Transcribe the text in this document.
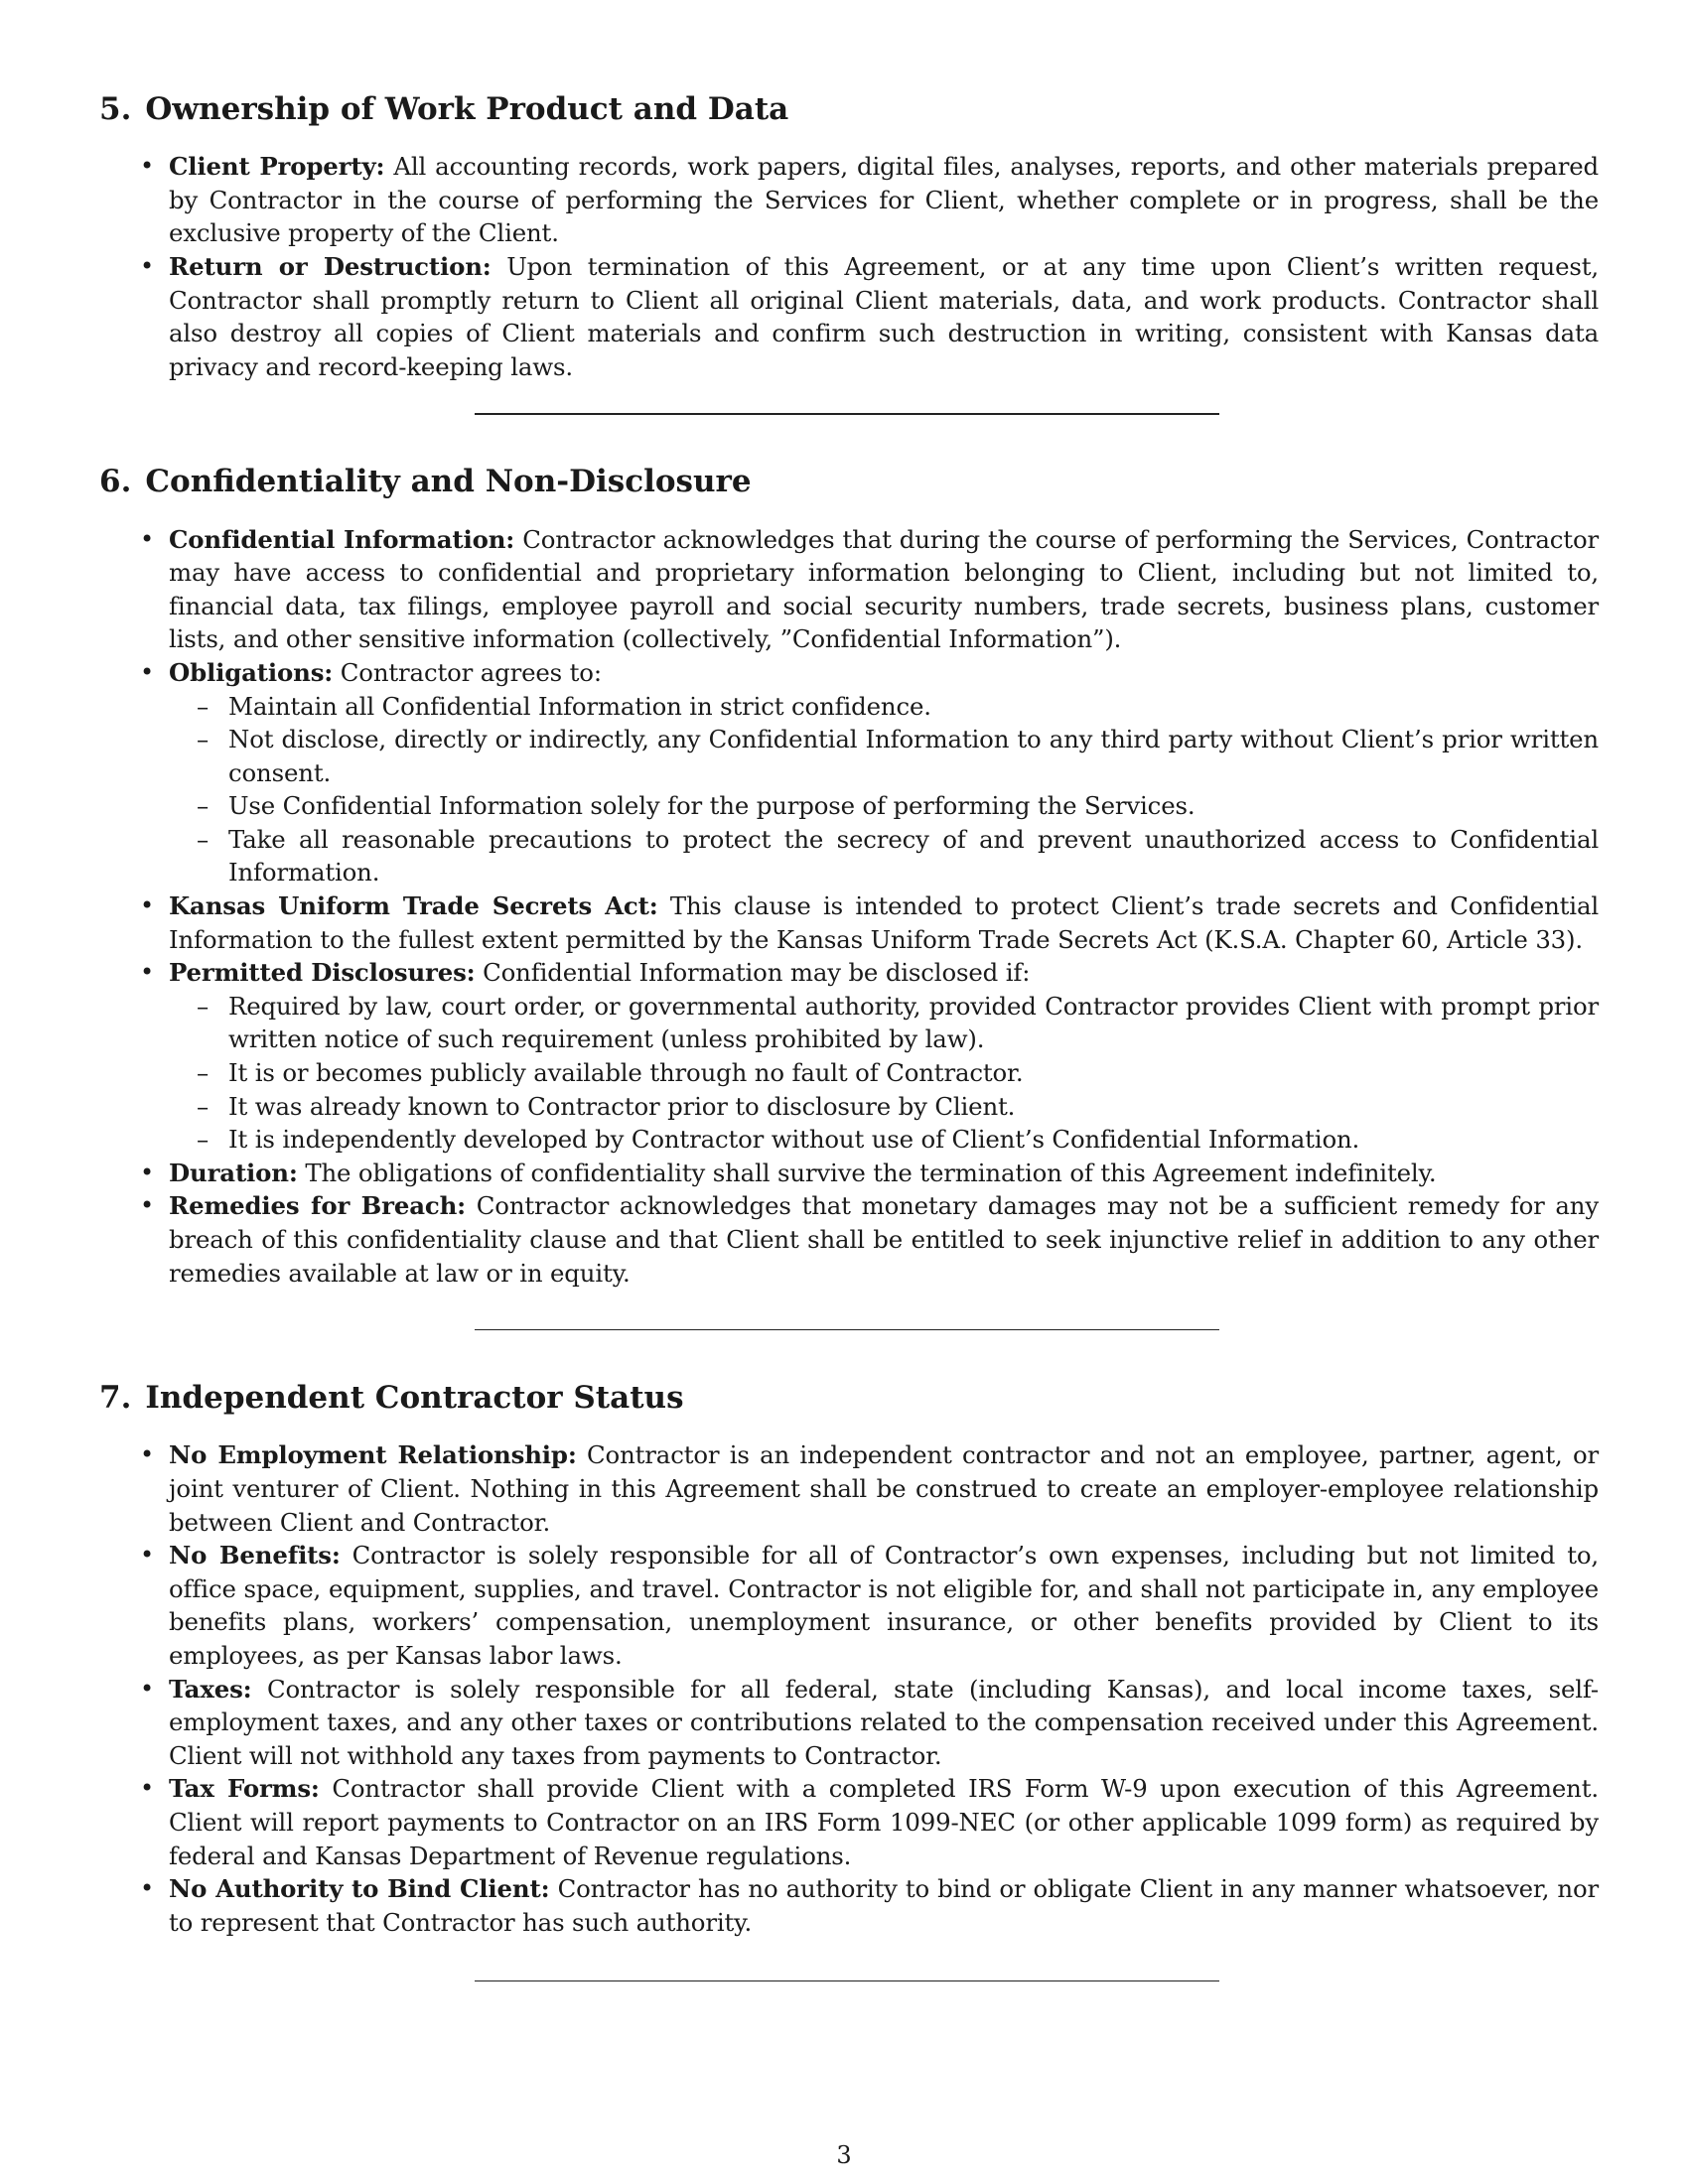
5. Ownership of Work Product and Data
• Client Property: All accounting records, work papers, digital files, analyses, reports, and other materials prepared by Contractor in the course of performing the Services for Client, whether complete or in progress, shall be the exclusive property of the Client.
• Return or Destruction: Upon termination of this Agreement, or at any time upon Client’s written request, Contractor shall promptly return to Client all original Client materials, data, and work products. Contractor shall also destroy all copies of Client materials and confirm such destruction in writing, consistent with Kansas data privacy and record-keeping laws.
6. Confidentiality and Non-Disclosure
• Confidential Information: Contractor acknowledges that during the course of performing the Services, Contractor may have access to confidential and proprietary information belonging to Client, including but not limited to, financial data, tax filings, employee payroll and social security numbers, trade secrets, business plans, customer lists, and other sensitive information (collectively, ”Confidential Information”).
• Obligations: Contractor agrees to:
– Maintain all Confidential Information in strict confidence.
– Not disclose, directly or indirectly, any Confidential Information to any third party without Client’s prior written consent.
– Use Confidential Information solely for the purpose of performing the Services.
– Take all reasonable precautions to protect the secrecy of and prevent unauthorized access to Confidential Information.
• Kansas Uniform Trade Secrets Act: This clause is intended to protect Client’s trade secrets and Confidential Information to the fullest extent permitted by the Kansas Uniform Trade Secrets Act (K.S.A. Chapter 60, Article 33).
• Permitted Disclosures: Confidential Information may be disclosed if:
– Required by law, court order, or governmental authority, provided Contractor provides Client with prompt prior written notice of such requirement (unless prohibited by law).
– It is or becomes publicly available through no fault of Contractor.
– It was already known to Contractor prior to disclosure by Client.
– It is independently developed by Contractor without use of Client’s Confidential Information.
• Duration: The obligations of confidentiality shall survive the termination of this Agreement indefinitely.
• Remedies for Breach: Contractor acknowledges that monetary damages may not be a sufficient remedy for any breach of this confidentiality clause and that Client shall be entitled to seek injunctive relief in addition to any other remedies available at law or in equity.
7. Independent Contractor Status
• No Employment Relationship: Contractor is an independent contractor and not an employee, partner, agent, or joint venturer of Client. Nothing in this Agreement shall be construed to create an employer-employee relationship between Client and Contractor.
• No Benefits: Contractor is solely responsible for all of Contractor’s own expenses, including but not limited to, office space, equipment, supplies, and travel. Contractor is not eligible for, and shall not participate in, any employee benefits plans, workers’ compensation, unemployment insurance, or other benefits provided by Client to its employees, as per Kansas labor laws.
• Taxes: Contractor is solely responsible for all federal, state (including Kansas), and local income taxes, self-employment taxes, and any other taxes or contributions related to the compensation received under this Agreement. Client will not withhold any taxes from payments to Contractor.
• Tax Forms: Contractor shall provide Client with a completed IRS Form W-9 upon execution of this Agreement. Client will report payments to Contractor on an IRS Form 1099-NEC (or other applicable 1099 form) as required by federal and Kansas Department of Revenue regulations.
• No Authority to Bind Client: Contractor has no authority to bind or obligate Client in any manner whatsoever, nor to represent that Contractor has such authority.
3
